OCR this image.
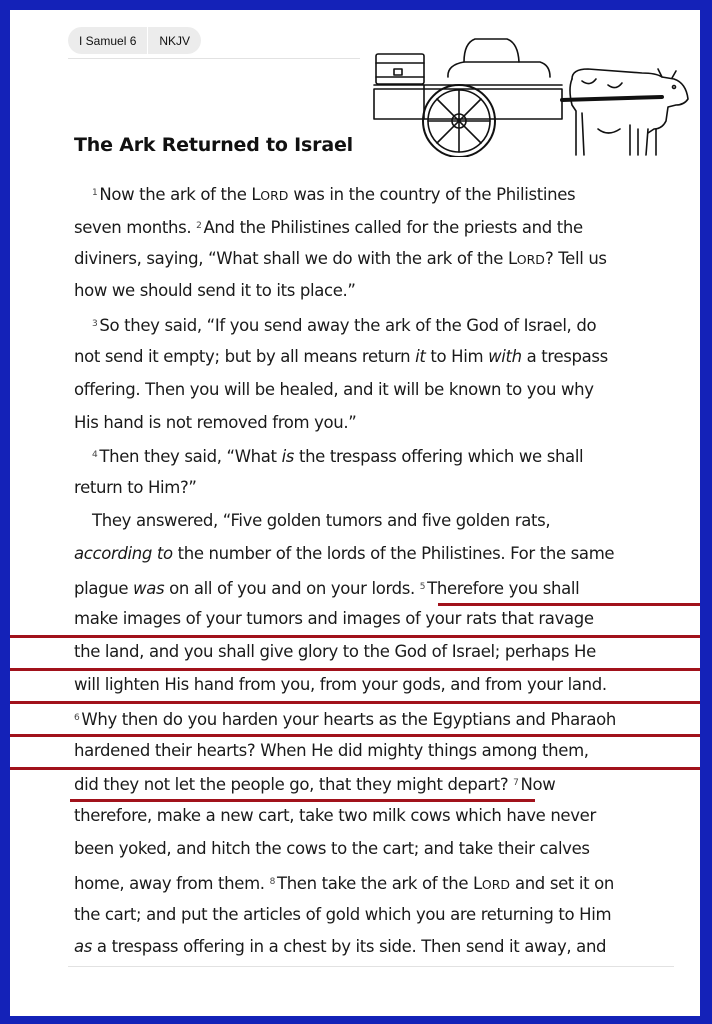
I Samuel 6	NKJV
The Ark Returned to Israel
$^1$ Now the ark of the LORD was in the country of the Philistines
seven months. $^2$ And the Philistines called for the priests and the
diviners, saying, “What shall we do with the ark of the LORD? Tell us
how we should send it to its place.”
$^3$ So they said, “If you send away the ark of the God of Israel, do
not send it empty; but by all means return it to Him with a trespass
offering. Then you will be healed, and it will be known to you why
His hand is not removed from you.”
$^4$ Then they said, “What is the trespass offering which we shall
return to Him?”
They answered, “Five golden tumors and five golden rats,
according to the number of the lords of the Philistines. For the same
plague was on all of you and on your lords. $^5$ Therefore you shall
make images of your tumors and images of your rats that ravage
the land, and you shall give glory to the God of Israel; perhaps He
will lighten His hand from you, from your gods, and from your land.
$^6$ Why then do you harden your hearts as the Egyptians and Pharaoh
hardened their hearts? When He did mighty things among them,
did they not let the people go, that they might depart? $^7$ Now
therefore, make a new cart, take two milk cows which have never
been yoked, and hitch the cows to the cart; and take their calves
home, away from them. $^8$ Then take the ark of the LORD and set it on
the cart; and put the articles of gold which you are returning to Him
as a trespass offering in a chest by its side. Then send it away, and
